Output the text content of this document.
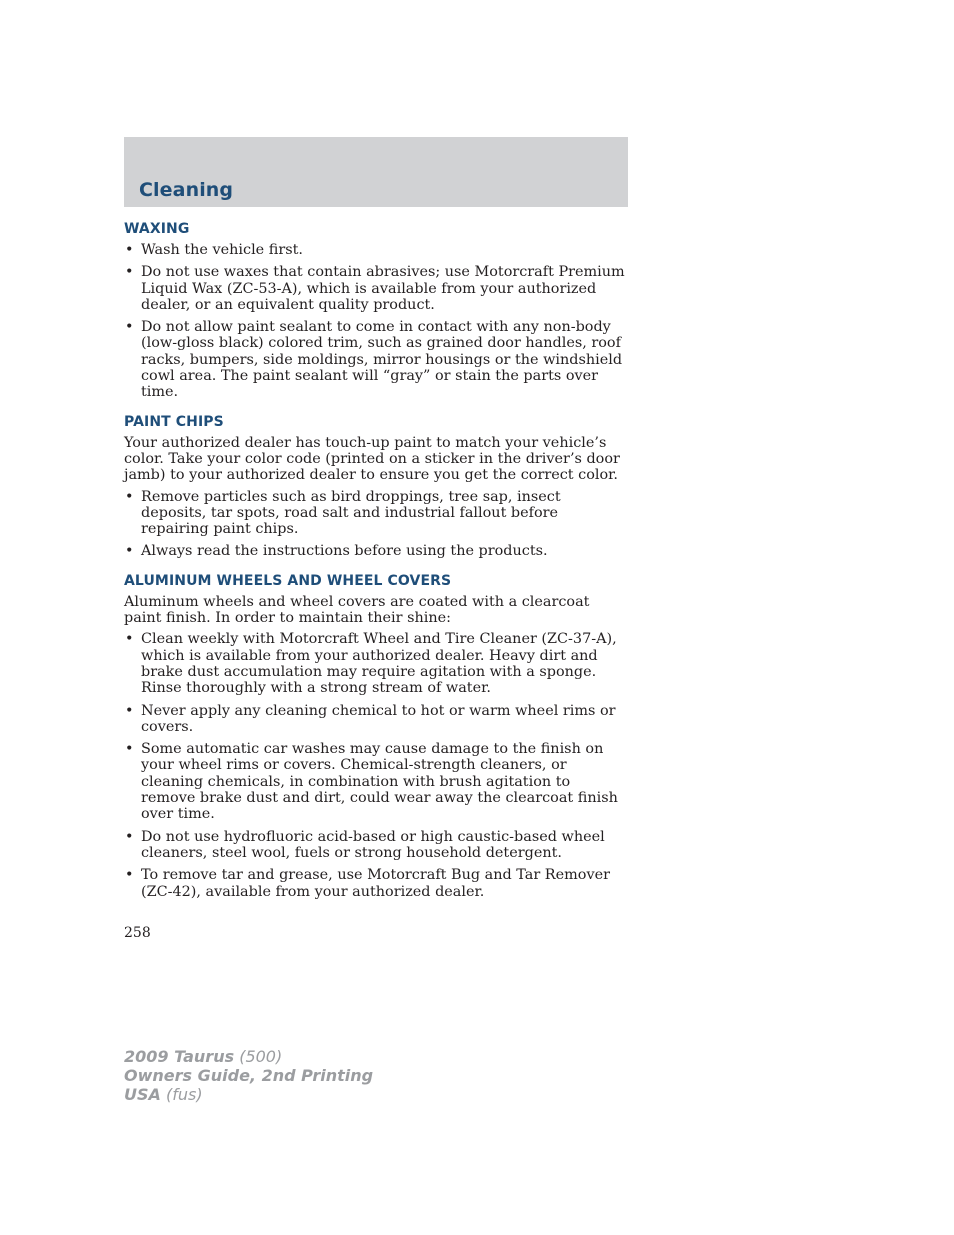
Cleaning
WAXING
• Wash the vehicle first.
• Do not use waxes that contain abrasives; use Motorcraft Premium Liquid Wax (ZC-53-A), which is available from your authorized dealer, or an equivalent quality product.
• Do not allow paint sealant to come in contact with any non-body (low-gloss black) colored trim, such as grained door handles, roof racks, bumpers, side moldings, mirror housings or the windshield cowl area. The paint sealant will “gray” or stain the parts over time.
PAINT CHIPS

Your authorized dealer has touch-up paint to match your vehicle’s color. Take your color code (printed on a sticker in the driver’s door jamb) to your authorized dealer to ensure you get the correct color.

• Remove particles such as bird droppings, tree sap, insect deposits, tar spots, road salt and industrial fallout before repairing paint chips.
• Always read the instructions before using the products.
ALUMINUM WHEELS AND WHEEL COVERS

Aluminum wheels and wheel covers are coated with a clearcoat paint finish. In order to maintain their shine:

• Clean weekly with Motorcraft Wheel and Tire Cleaner (ZC-37-A), which is available from your authorized dealer. Heavy dirt and brake dust accumulation may require agitation with a sponge. Rinse thoroughly with a strong stream of water.
• Never apply any cleaning chemical to hot or warm wheel rims or covers.
• Some automatic car washes may cause damage to the finish on your wheel rims or covers. Chemical-strength cleaners, or cleaning chemicals, in combination with brush agitation to remove brake dust and dirt, could wear away the clearcoat finish over time.
• Do not use hydrofluoric acid-based or high caustic-based wheel cleaners, steel wool, fuels or strong household detergent.
• To remove tar and grease, use Motorcraft Bug and Tar Remover (ZC-42), available from your authorized dealer.
258
2009 Taurus (500)
Owners Guide, 2nd Printing
USA (fus)
